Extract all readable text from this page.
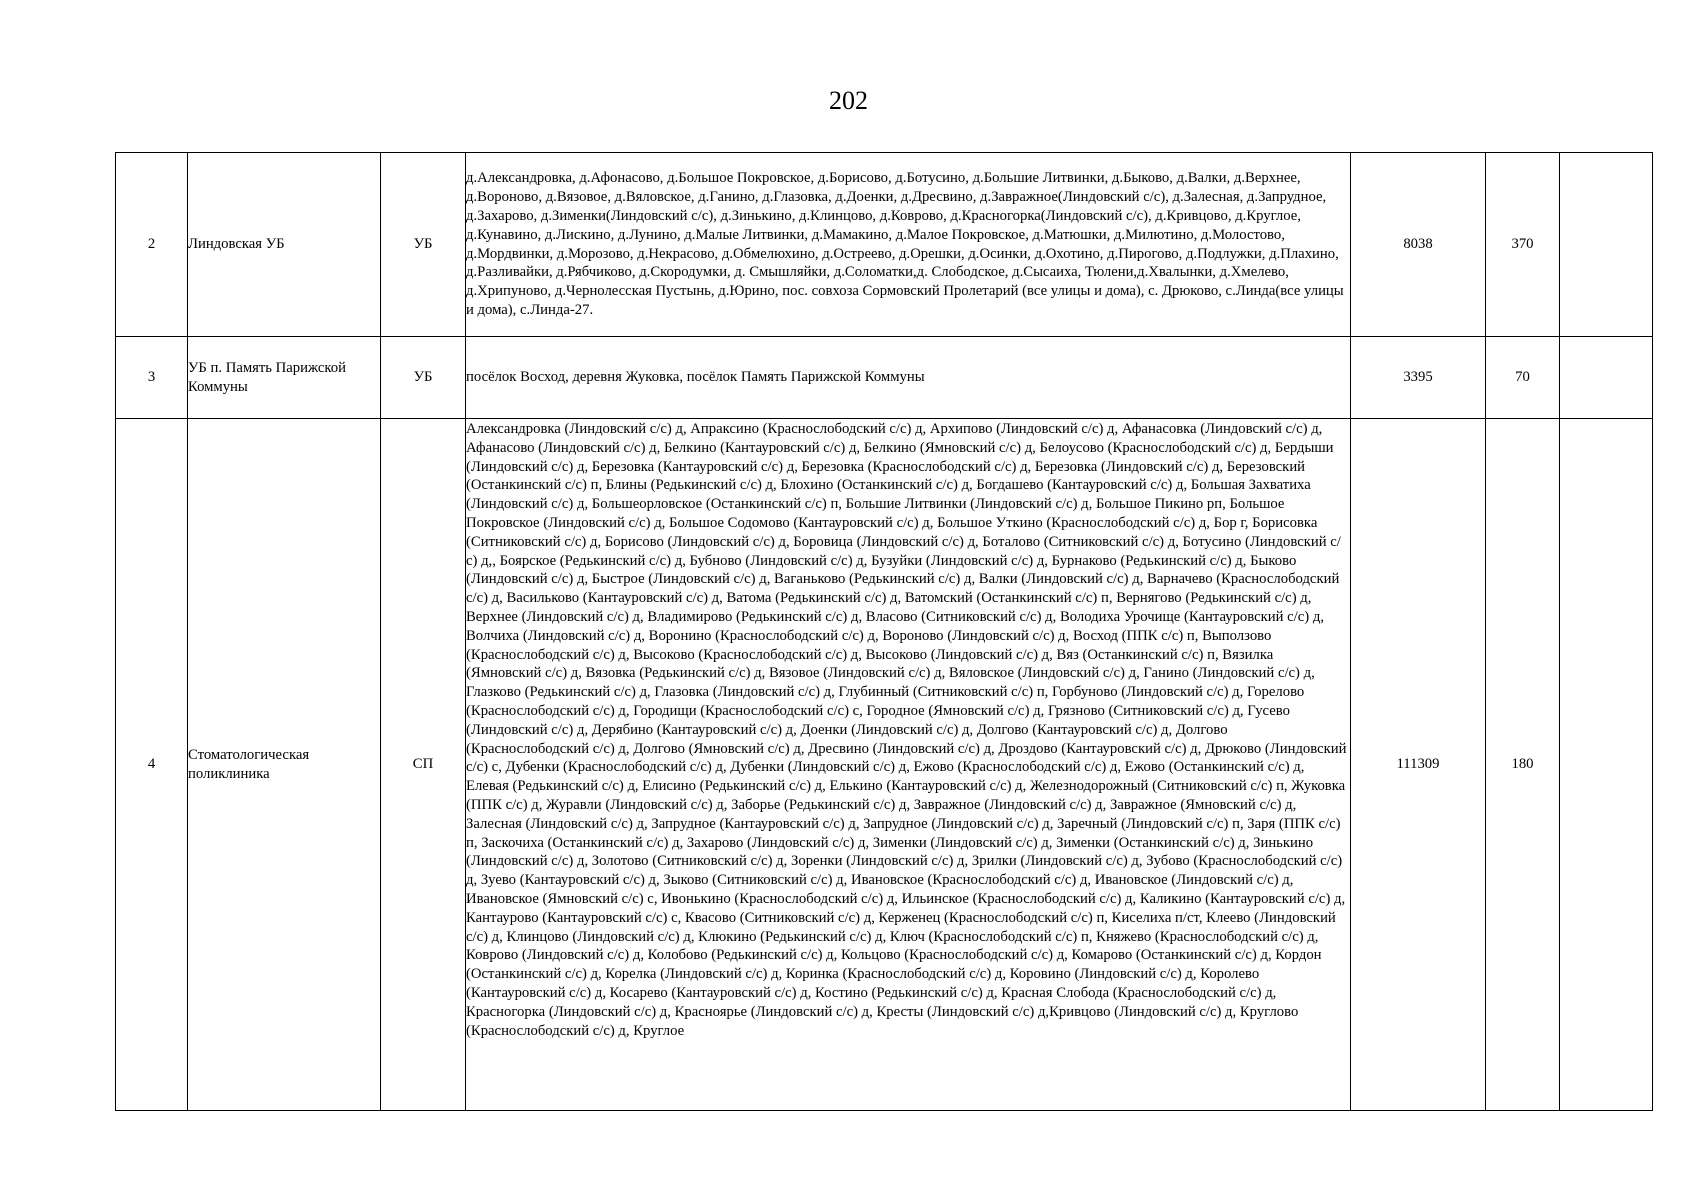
202
2	Линдовская УБ	УБ	д.Александровка, д.Афонасово, д.Большое Покровское, д.Борисово, д.Ботусино, д.Большие Литвинки, д.Быково, д.Валки, д.Верхнее, д.Вороново, д.Вязовое, д.Вяловское, д.Ганино, д.Глазовка, д.Доенки, д.Дресвино, д.Завражное(Линдовский с/с), д.Залесная, д.Запрудное, д.Захарово, д.Зименки(Линдовский с/с), д.Зинькино, д.Клинцово, д.Коврово, д.Красногорка(Линдовский с/с), д.Кривцово, д.Круглое, д.Кунавино, д.Лискино, д.Лунино, д.Малые Литвинки, д.Мамакино, д.Малое Покровское, д.Матюшки, д.Милютино, д.Молостово, д.Мордвинки, д.Морозово, д.Некрасово, д.Обмелюхино, д.Остреево, д.Орешки, д.Осинки, д.Охотино, д.Пирогово, д.Подлужки, д.Плахино, д.Разливайки, д.Рябчиково, д.Скородумки, д. Смышляйки, д.Соломатки,д. Слободское, д.Сысаиха, Тюлени,д.Хвалынки, д.Хмелево, д.Хрипуново, д.Чернолесская Пустынь, д.Юрино, пос. совхоза Сормовский Пролетарий (все улицы и дома), с. Дрюково, с.Линда(все улицы и дома), с.Линда-27.	8038	370	
3	УБ п. Память Парижской Коммуны	УБ	посёлок Восход, деревня Жуковка, посёлок Память Парижской Коммуны	3395	70	
4	Стоматологическая поликлиника	СП	Александровка (Линдовский с/с) д, Апраксино (Краснослободский с/с) д, Архипово (Линдовский с/с) д, Афанасовка (Линдовский с/с) д, Афанасово (Линдовский с/с) д, Белкино (Кантауровский с/с) д, Белкино (Ямновский с/с) д, Белоусово (Краснослободский с/с) д, Бердыши (Линдовский с/с) д, Березовка (Кантауровский с/с) д, Березовка (Краснослободский с/с) д, Березовка (Линдовский с/с) д, Березовский (Останкинский с/с) п, Блины (Редькинский с/с) д, Блохино (Останкинский с/с) д, Богдашево (Кантауровский с/с) д, Большая Захватиха (Линдовский с/с) д, Большеорловское (Останкинский с/с) п, Большие Литвинки (Линдовский с/с) д, Большое Пикино рп, Большое Покровское (Линдовский с/с) д, Большое Содомово (Кантауровский с/с) д, Большое Уткино (Краснослободский с/с) д, Бор г, Борисовка (Ситниковский с/с) д, Борисово (Линдовский с/с) д, Боровица (Линдовский с/с) д, Боталово (Ситниковский с/с) д, Ботусино (Линдовский с/с) д,, Боярское (Редькинский с/с) д, Бубново (Линдовский с/с) д, Бузуйки (Линдовский с/с) д, Бурнаково (Редькинский с/с) д, Быково (Линдовский с/с) д, Быстрое (Линдовский с/с) д, Ваганьково (Редькинский с/с) д, Валки (Линдовский с/с) д, Варначево (Краснослободский с/с) д, Васильково (Кантауровский с/с) д, Ватома (Редькинский с/с) д, Ватомский (Останкинский с/с) п, Вернягово (Редькинский с/с) д, Верхнее (Линдовский с/с) д, Владимирово (Редькинский с/с) д, Власово (Ситниковский с/с) д, Володиха Урочище (Кантауровский с/с) д, Волчиха (Линдовский с/с) д, Воронино (Краснослободский с/с) д, Вороново (Линдовский с/с) д, Восход (ППК с/с) п, Выползово (Краснослободский с/с) д, Высоково (Краснослободский с/с) д, Высоково (Линдовский с/с) д, Вяз (Останкинский с/с) п, Вязилка (Ямновский с/с) д, Вязовка (Редькинский с/с) д, Вязовое (Линдовский с/с) д, Вяловское (Линдовский с/с) д, Ганино (Линдовский с/с) д, Глазково (Редькинский с/с) д, Глазовка (Линдовский с/с) д, Глубинный (Ситниковский с/с) п, Горбуново (Линдовский с/с) д, Горелово (Краснослободский с/с) д, Городищи (Краснослободский с/с) с, Городное (Ямновский с/с) д, Грязново (Ситниковский с/с) д, Гусево (Линдовский с/с) д, Дерябино (Кантауровский с/с) д, Доенки (Линдовский с/с) д, Долгово (Кантауровский с/с) д, Долгово (Краснослободский с/с) д, Долгово (Ямновский с/с) д, Дресвино (Линдовский с/с) д, Дроздово (Кантауровский с/с) д, Дрюково (Линдовский с/с) с, Дубенки (Краснослободский с/с) д, Дубенки (Линдовский с/с) д, Ежово (Краснослободский с/с) д, Ежово (Останкинский с/с) д, Елевая (Редькинский с/с) д, Елисино (Редькинский с/с) д, Елькино (Кантауровский с/с) д, Железнодорожный (Ситниковский с/с) п, Жуковка (ППК с/с) д, Журавли (Линдовский с/с) д, Заборье (Редькинский с/с) д, Завражное (Линдовский с/с) д, Завражное (Ямновский с/с) д, Залесная (Линдовский с/с) д, Запрудное (Кантауровский с/с) д, Запрудное (Линдовский с/с) д, Заречный (Линдовский с/с) п, Заря (ППК с/с) п, Заскочиха (Останкинский с/с) д, Захарово (Линдовский с/с) д, Зименки (Линдовский с/с) д, Зименки (Останкинский с/с) д, Зинькино (Линдовский с/с) д, Золотово (Ситниковский с/с) д, Зоренки (Линдовский с/с) д, Зрилки (Линдовский с/с) д, Зубово (Краснослободский с/с) д, Зуево (Кантауровский с/с) д, Зыково (Ситниковский с/с) д, Ивановское (Краснослободский с/с) д, Ивановское (Линдовский с/с) д, Ивановское (Ямновский с/с) с, Ивонькино (Краснослободский с/с) д, Ильинское (Краснослободский с/с) д, Каликино (Кантауровский с/с) д, Кантаурово (Кантауровский с/с) с, Квасово (Ситниковский с/с) д, Керженец (Краснослободский с/с) п, Киселиха п/ст, Клеево (Линдовский с/с) д, Клинцово (Линдовский с/с) д, Клюкино (Редькинский с/с) д, Ключ (Краснослободский с/с) п, Княжево (Краснослободский с/с) д, Коврово (Линдовский с/с) д, Колобово (Редькинский с/с) д, Кольцово (Краснослободский с/с) д, Комарово (Останкинский с/с) д, Кордон (Останкинский с/с) д, Корелка (Линдовский с/с) д, Коринка (Краснослободский с/с) д, Коровино (Линдовский с/с) д, Королево (Кантауровский с/с) д, Косарево (Кантауровский с/с) д, Костино (Редькинский с/с) д, Красная Слобода (Краснослободский с/с) д, Красногорка (Линдовский с/с) д, Красноярье (Линдовский с/с) д, Кресты (Линдовский с/с) д,Кривцово (Линдовский с/с) д, Круглово (Краснослободский с/с) д, Круглое	111309	180	
